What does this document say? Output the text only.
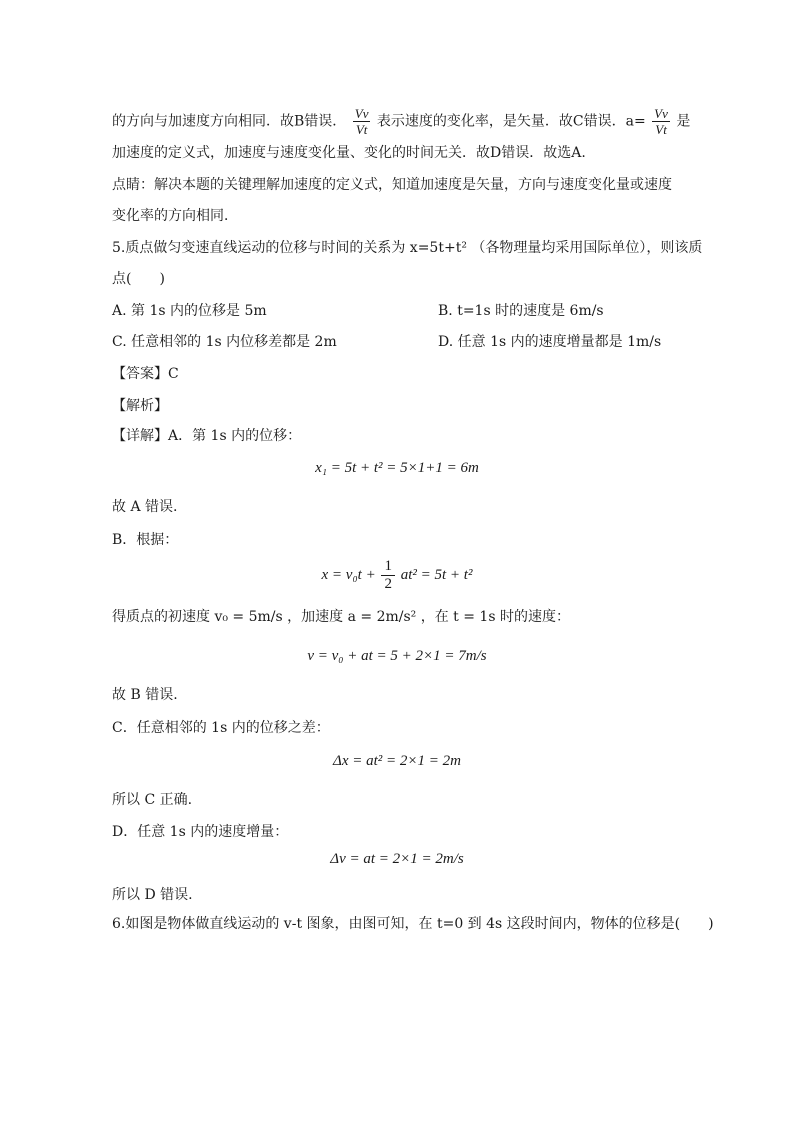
的方向与加速度方向相同．故B错误． $\frac{Vv}{Vt}$ 表示速度的变化率，是矢量．故C错误．$a= \frac{Vv}{Vt}$ 是
加速度的定义式，加速度与速度变化量、变化的时间无关．故D错误．故选A.
点睛：解决本题的关键理解加速度的定义式，知道加速度是矢量，方向与速度变化量或速度
变化率的方向相同．
5.质点做匀变速直线运动的位移与时间的关系为 x=5t+t² （各物理量均采用国际单位），则该质
点(　　)
A. 第 1s 内的位移是 5m	B. t=1s 时的速度是 6m/s
C. 任意相邻的 1s 内位移差都是 2m	D. 任意 1s 内的速度增量都是 1m/s
【答案】C
【解析】
【详解】A．第 1s 内的位移：
x₁ = 5t + t² = 5×1+1 = 6m
故 A 错误.
B．根据：
$x = v_0t + \frac{1}{2} at^2 = 5t + t^2$
得质点的初速度 v₀ = 5m/s ，加速度 a = 2m/s² ，在 t = 1s 时的速度：
v = v₀ + at = 5 + 2×1 = 7m/s
故 B 错误.
C．任意相邻的 1s 内的位移之差：
Δx = at² = 2×1 = 2m
所以 C 正确.
D．任意 1s 内的速度增量：
Δv = at = 2×1 = 2m/s
所以 D 错误.
6.如图是物体做直线运动的 v-t 图象，由图可知，在 t=0 到 4s 这段时间内，物体的位移是(　　)
